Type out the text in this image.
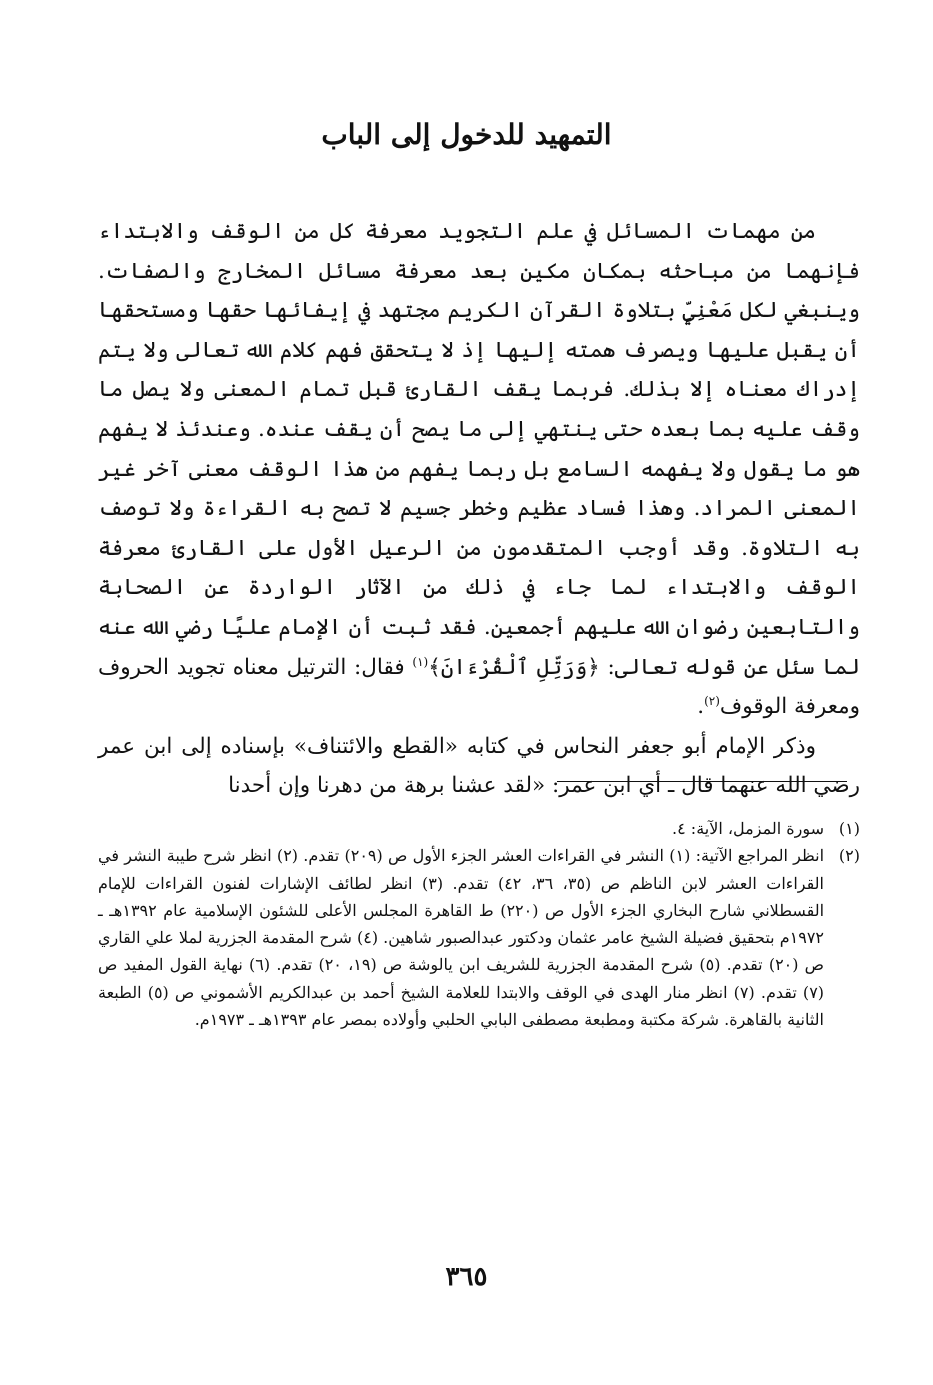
التمهيد للدخول إلى الباب

من مهمات المسائل في علم التجويد معرفة كل من الوقف والابتداء فإنهما من مباحثه بمكان مكين بعد معرفة مسائل المخارج والصفات. وينبغي لكل مَعْنِيٍّ بتلاوة القرآن الكريم مجتهد في إيفائها حقها ومستحقها أن يقبل عليها ويصرف همته إليها إذ لا يتحقق فهم كلام الله تعالى ولا يتم إدراك معناه إلا بذلك. فربما يقف القارئ قبل تمام المعنى ولا يصل ما وقف عليه بما بعده حتى ينتهي إلى ما يصح أن يقف عنده. وعندئذ لا يفهم هو ما يقول ولا يفهمه السامع بل ربما يفهم من هذا الوقف معنى آخر غير المعنى المراد. وهذا فساد عظيم وخطر جسيم لا تصح به القراءة ولا توصف به التلاوة. وقد أوجب المتقدمون من الرعيل الأول على القارئ معرفة الوقف والابتداء لما جاء في ذلك من الآثار الواردة عن الصحابة والتابعين رضوان الله عليهم أجمعين. فقد ثبت أن الإمام عليًا رضي الله عنه لما سئل عن قوله تعالى: ﴿وَرَتِّلِ ٱلْقُرْءَانَ﴾$^{(١)}$ فقال: الترتيل معناه تجويد الحروف ومعرفة الوقوف$^{(٢)}$.

وذكر الإمام أبو جعفر النحاس في كتابه «القطع والائتناف» بإسناده إلى ابن عمر رضي الله عنهما قال ـ أي ابن عمر: «لقد عشنا برهة من دهرنا وإن أحدنا

(١)
سورة المزمل، الآية: ٤.
(٢)
انظر المراجع الآتية: (١) النشر في القراءات العشر الجزء الأول ص (٢٠٩) تقدم. (٢) انظر شرح طيبة النشر في القراءات العشر لابن الناظم ص (٣٥، ٣٦، ٤٢) تقدم. (٣) انظر لطائف الإشارات لفنون القراءات للإمام القسطلاني شارح البخاري الجزء الأول ص (٢٢٠) ط القاهرة المجلس الأعلى للشئون الإسلامية عام ١٣٩٢هـ ـ ١٩٧٢م بتحقيق فضيلة الشيخ عامر عثمان ودكتور عبدالصبور شاهين. (٤) شرح المقدمة الجزرية لملا علي القاري ص (٢٠) تقدم. (٥) شرح المقدمة الجزرية للشريف ابن يالوشة ص (١٩، ٢٠) تقدم. (٦) نهاية القول المفيد ص (٧) تقدم. (٧) انظر منار الهدى في الوقف والابتدا للعلامة الشيخ أحمد بن عبدالكريم الأشموني ص (٥) الطبعة الثانية بالقاهرة. شركة مكتبة ومطبعة مصطفى البابي الحلبي وأولاده بمصر عام ١٣٩٣هـ ـ ١٩٧٣م.
٣٦٥
